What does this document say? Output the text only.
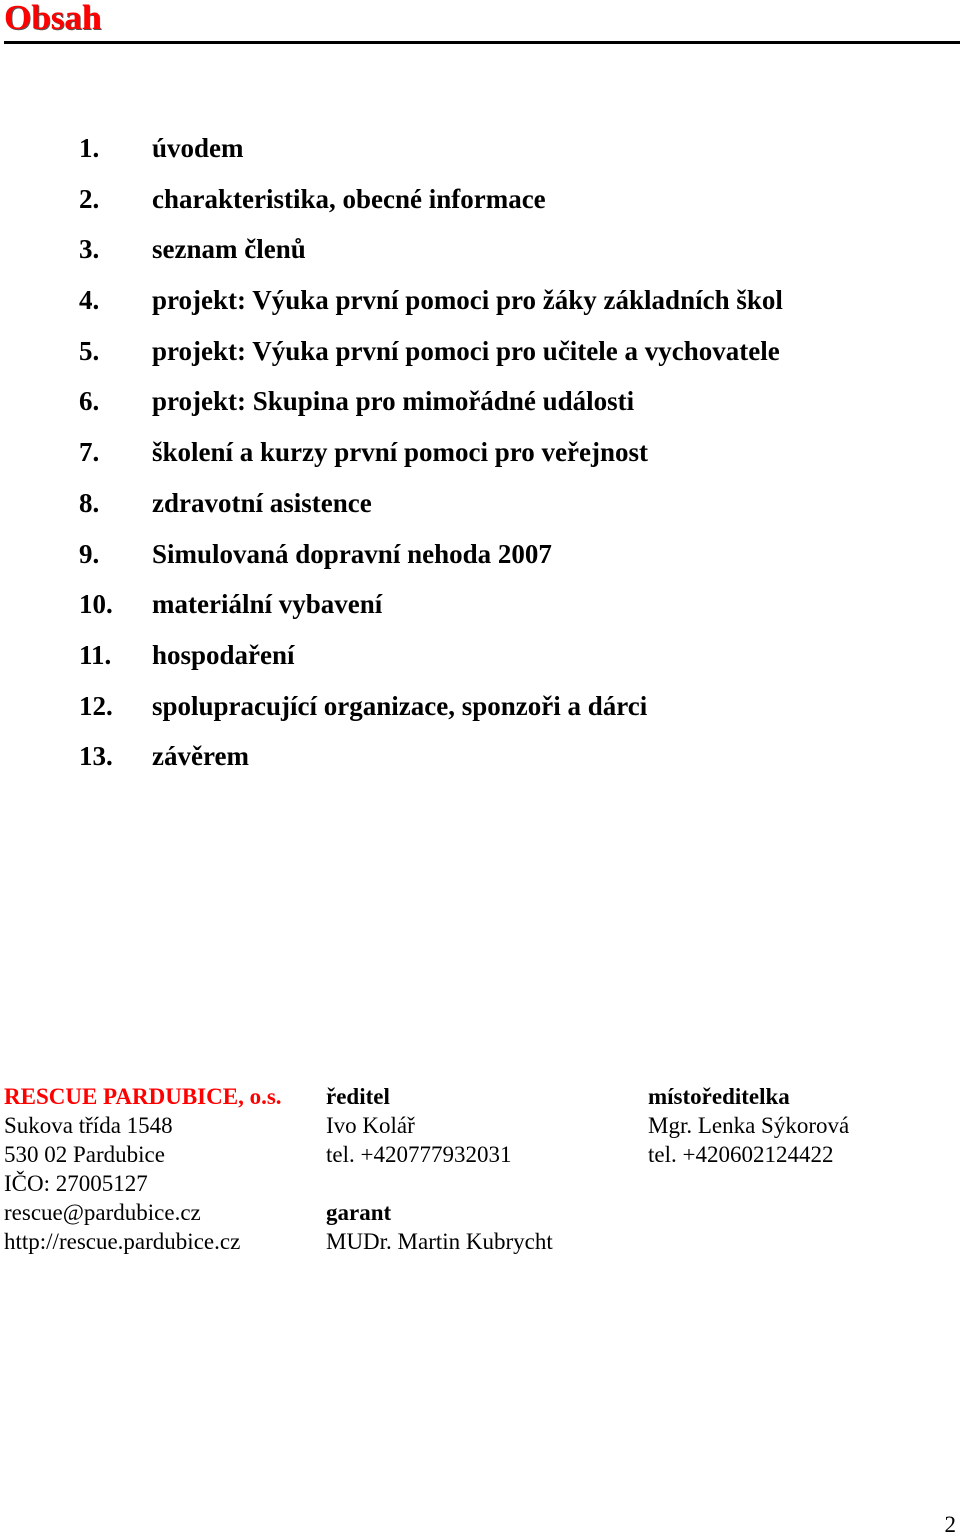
Obsah
1. úvodem
2. charakteristika, obecné informace
3. seznam členů
4. projekt: Výuka první pomoci pro žáky základních škol
5. projekt: Výuka první pomoci pro učitele a vychovatele
6. projekt: Skupina pro mimořádné události
7. školení a kurzy první pomoci pro veřejnost
8. zdravotní asistence
9. Simulovaná dopravní nehoda 2007
10. materiální vybavení
11. hospodaření
12. spolupracující organizace, sponzoři a dárci
13. závěrem
RESCUE PARDUBICE, o.s.
Sukova třída 1548
530 02 Pardubice
IČO: 27005127
rescue@pardubice.cz
http://rescue.pardubice.cz
ředitel
Ivo Kolář
tel. +420777932031
garant
MUDr. Martin Kubrycht
místoředitelka
Mgr. Lenka Sýkorová
tel. +420602124422
2
